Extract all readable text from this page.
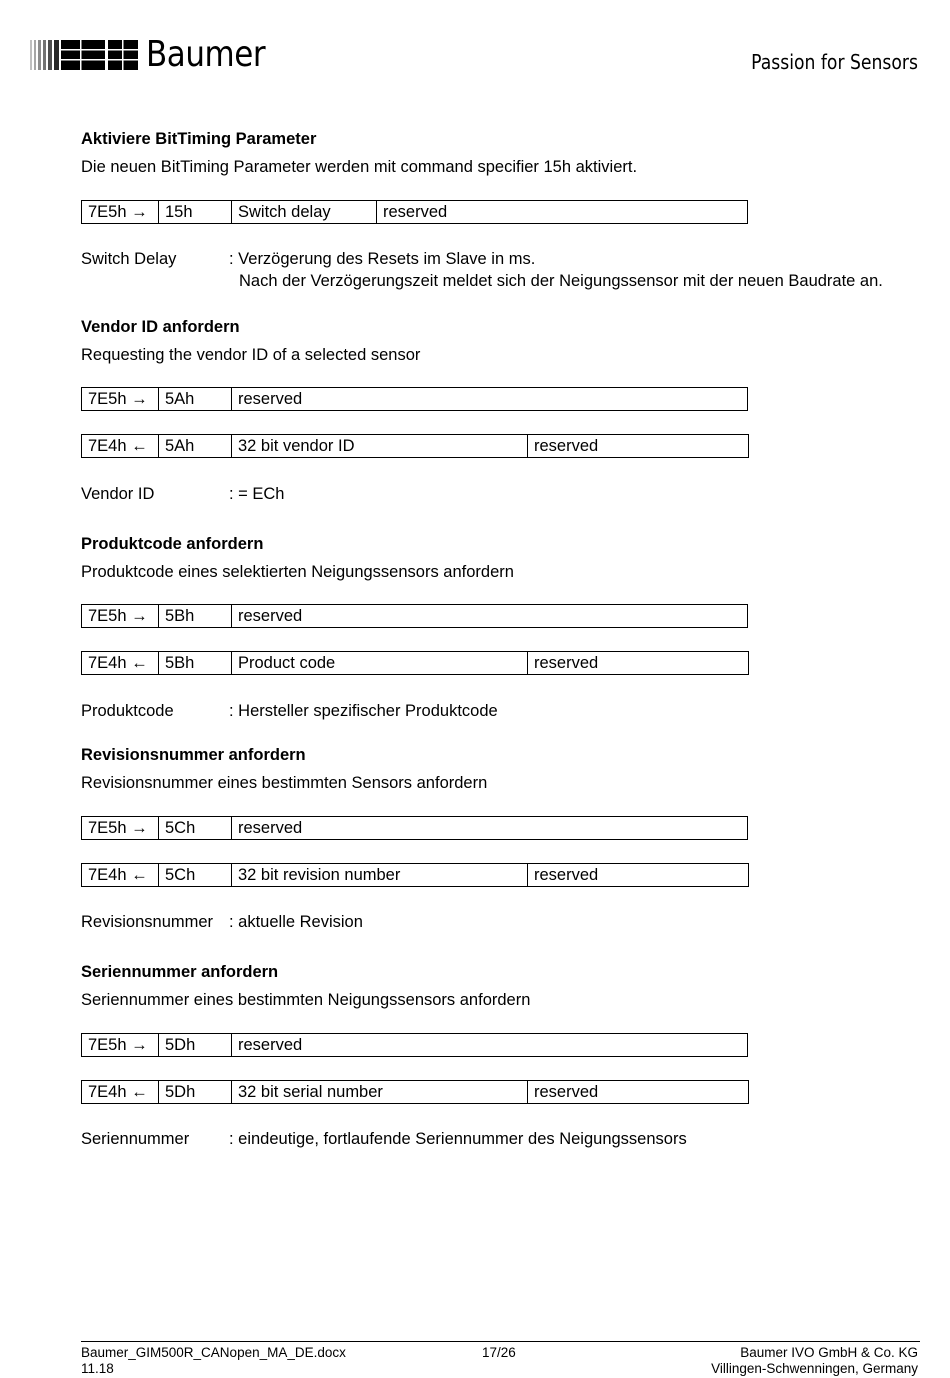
Baumer	Passion for Sensors
Aktiviere BitTiming Parameter
Die neuen BitTiming Parameter werden mit command specifier 15h aktiviert.
7E5h →	15h	Switch delay	reserved
Switch Delay	: Verzögerung des Resets im Slave in ms.
Nach der Verzögerungszeit meldet sich der Neigungssensor mit der neuen Baudrate an.
Vendor ID anfordern
Requesting the vendor ID of a selected sensor
7E5h →	5Ah	reserved
7E4h ←	5Ah	32 bit vendor ID	reserved
Vendor ID	: = ECh
Produktcode anfordern
Produktcode eines selektierten Neigungssensors anfordern
7E5h →	5Bh	reserved
7E4h ←	5Bh	Product code	reserved
Produktcode	: Hersteller spezifischer Produktcode
Revisionsnummer anfordern
Revisionsnummer eines bestimmten Sensors anfordern
7E5h →	5Ch	reserved
7E4h ←	5Ch	32 bit revision number	reserved
Revisionsnummer : aktuelle Revision
Seriennummer anfordern
Seriennummer eines bestimmten Neigungssensors anfordern
7E5h →	5Dh	reserved
7E4h ←	5Dh	32 bit serial number	reserved
Seriennummer : eindeutige, fortlaufende Seriennummer des Neigungssensors
Baumer_GIM500R_CANopen_MA_DE.docx
11.18
17/26	Baumer IVO GmbH & Co. KG
Villingen-Schwenningen, Germany
